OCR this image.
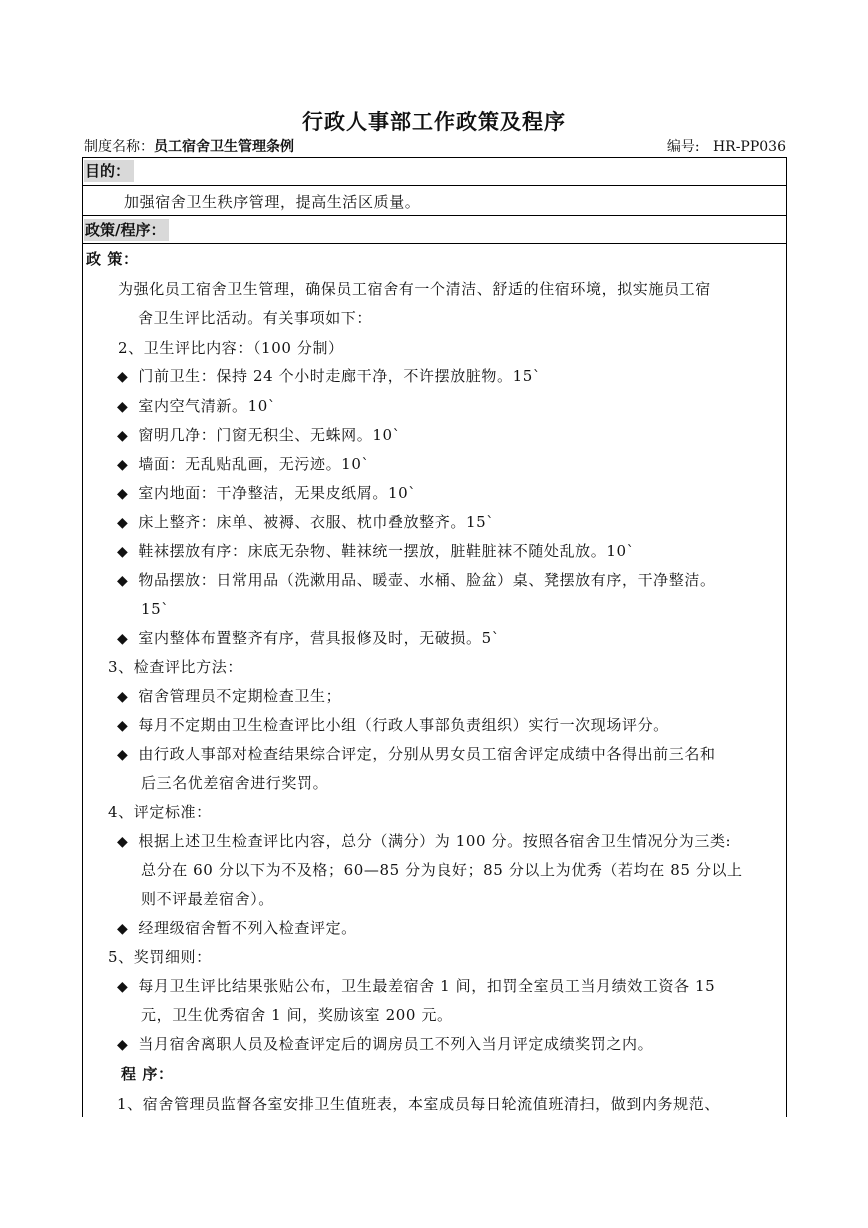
行政人事部工作政策及程序
制度名称：员工宿舍卫生管理条例	编号: HR-PP036
目的：
加强宿舍卫生秩序管理，提高生活区质量。
政策/程序：
政 策：
为强化员工宿舍卫生管理，确保员工宿舍有一个清洁、舒适的住宿环境，拟实施员工宿
舍卫生评比活动。有关事项如下：
2、卫生评比内容：（100 分制）
◆ 门前卫生：保持 24 个小时走廊干净，不许摆放脏物。15`
◆ 室内空气清新。10`
◆ 窗明几净：门窗无积尘、无蛛网。10`
◆ 墙面：无乱贴乱画，无污迹。10`
◆ 室内地面：干净整洁，无果皮纸屑。10`
◆ 床上整齐：床单、被褥、衣服、枕巾叠放整齐。15`
◆ 鞋袜摆放有序：床底无杂物、鞋袜统一摆放，脏鞋脏袜不随处乱放。10`
◆ 物品摆放：日常用品（洗漱用品、暖壶、水桶、脸盆）桌、凳摆放有序，干净整洁。
15`
◆ 室内整体布置整齐有序，营具报修及时，无破损。5`
3、检查评比方法：
◆ 宿舍管理员不定期检查卫生；
◆ 每月不定期由卫生检查评比小组（行政人事部负责组织）实行一次现场评分。
◆ 由行政人事部对检查结果综合评定，分别从男女员工宿舍评定成绩中各得出前三名和
后三名优差宿舍进行奖罚。
4、评定标准：
◆ 根据上述卫生检查评比内容，总分（满分）为 100 分。按照各宿舍卫生情况分为三类:
总分在 60 分以下为不及格；60—85 分为良好；85 分以上为优秀（若均在 85 分以上
则不评最差宿舍）。
◆ 经理级宿舍暂不列入检查评定。
5、奖罚细则：
◆ 每月卫生评比结果张贴公布，卫生最差宿舍 1 间，扣罚全室员工当月绩效工资各 15
元，卫生优秀宿舍 1 间，奖励该室 200 元。
◆ 当月宿舍离职人员及检查评定后的调房员工不列入当月评定成绩奖罚之内。
程 序：
1、宿舍管理员监督各室安排卫生值班表，本室成员每日轮流值班清扫，做到内务规范、
